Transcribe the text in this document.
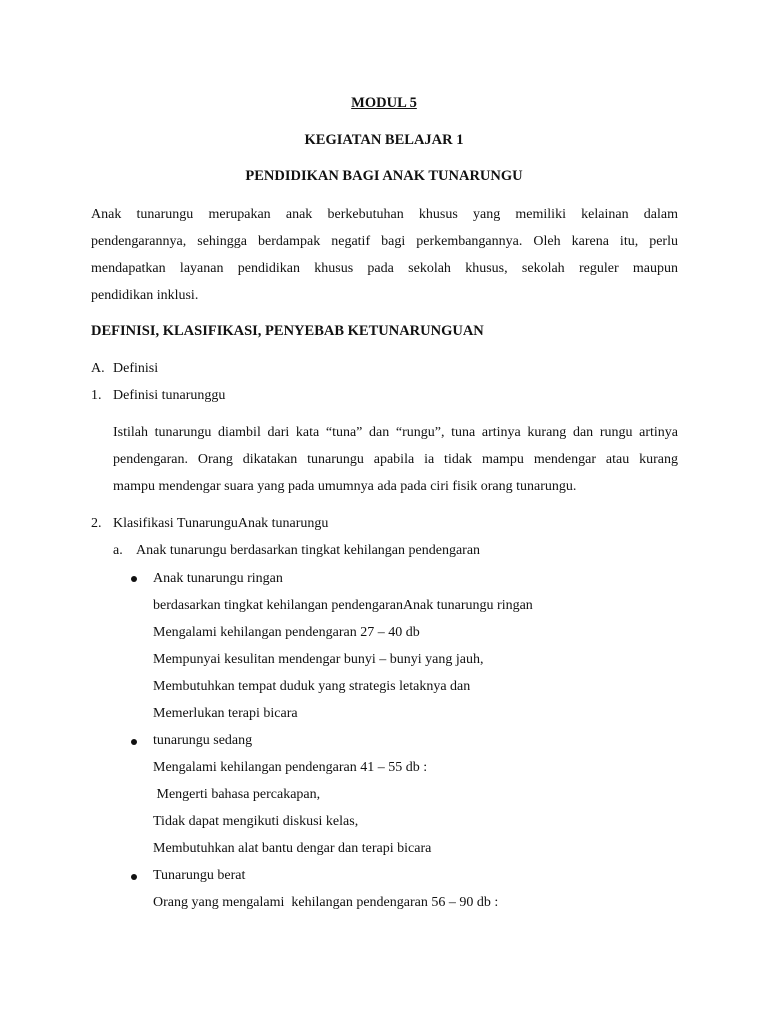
MODUL 5
KEGIATAN BELAJAR 1
PENDIDIKAN BAGI ANAK TUNARUNGU
Anak tunarungu merupakan anak berkebutuhan khusus yang memiliki kelainan dalam
pendengarannya, sehingga berdampak negatif bagi perkembangannya. Oleh karena itu, perlu
mendapatkan layanan pendidikan khusus pada sekolah khusus, sekolah reguler maupun
pendidikan inklusi.
DEFINISI, KLASIFIKASI, PENYEBAB KETUNARUNGUAN
A. Definisi
1. Definisi tunarunggu
Istilah tunarungu diambil dari kata “tuna” dan “rungu”, tuna artinya kurang dan rungu artinya
pendengaran. Orang dikatakan tunarungu apabila ia tidak mampu mendengar atau kurang
mampu mendengar suara yang pada umumnya ada pada ciri fisik orang tunarungu.
2. Klasifikasi TunarunguAnak tunarungu
a. Anak tunarungu berdasarkan tingkat kehilangan pendengaran
Anak tunarungu ringan
berdasarkan tingkat kehilangan pendengaranAnak tunarungu ringan
Mengalami kehilangan pendengaran 27 – 40 db
Mempunyai kesulitan mendengar bunyi – bunyi yang jauh,
Membutuhkan tempat duduk yang strategis letaknya dan
Memerlukan terapi bicara
tunarungu sedang
Mengalami kehilangan pendengaran 41 – 55 db :
Mengerti bahasa percakapan,
Tidak dapat mengikuti diskusi kelas,
Membutuhkan alat bantu dengar dan terapi bicara
Tunarungu berat
Orang yang mengalami  kehilangan pendengaran 56 – 90 db :
